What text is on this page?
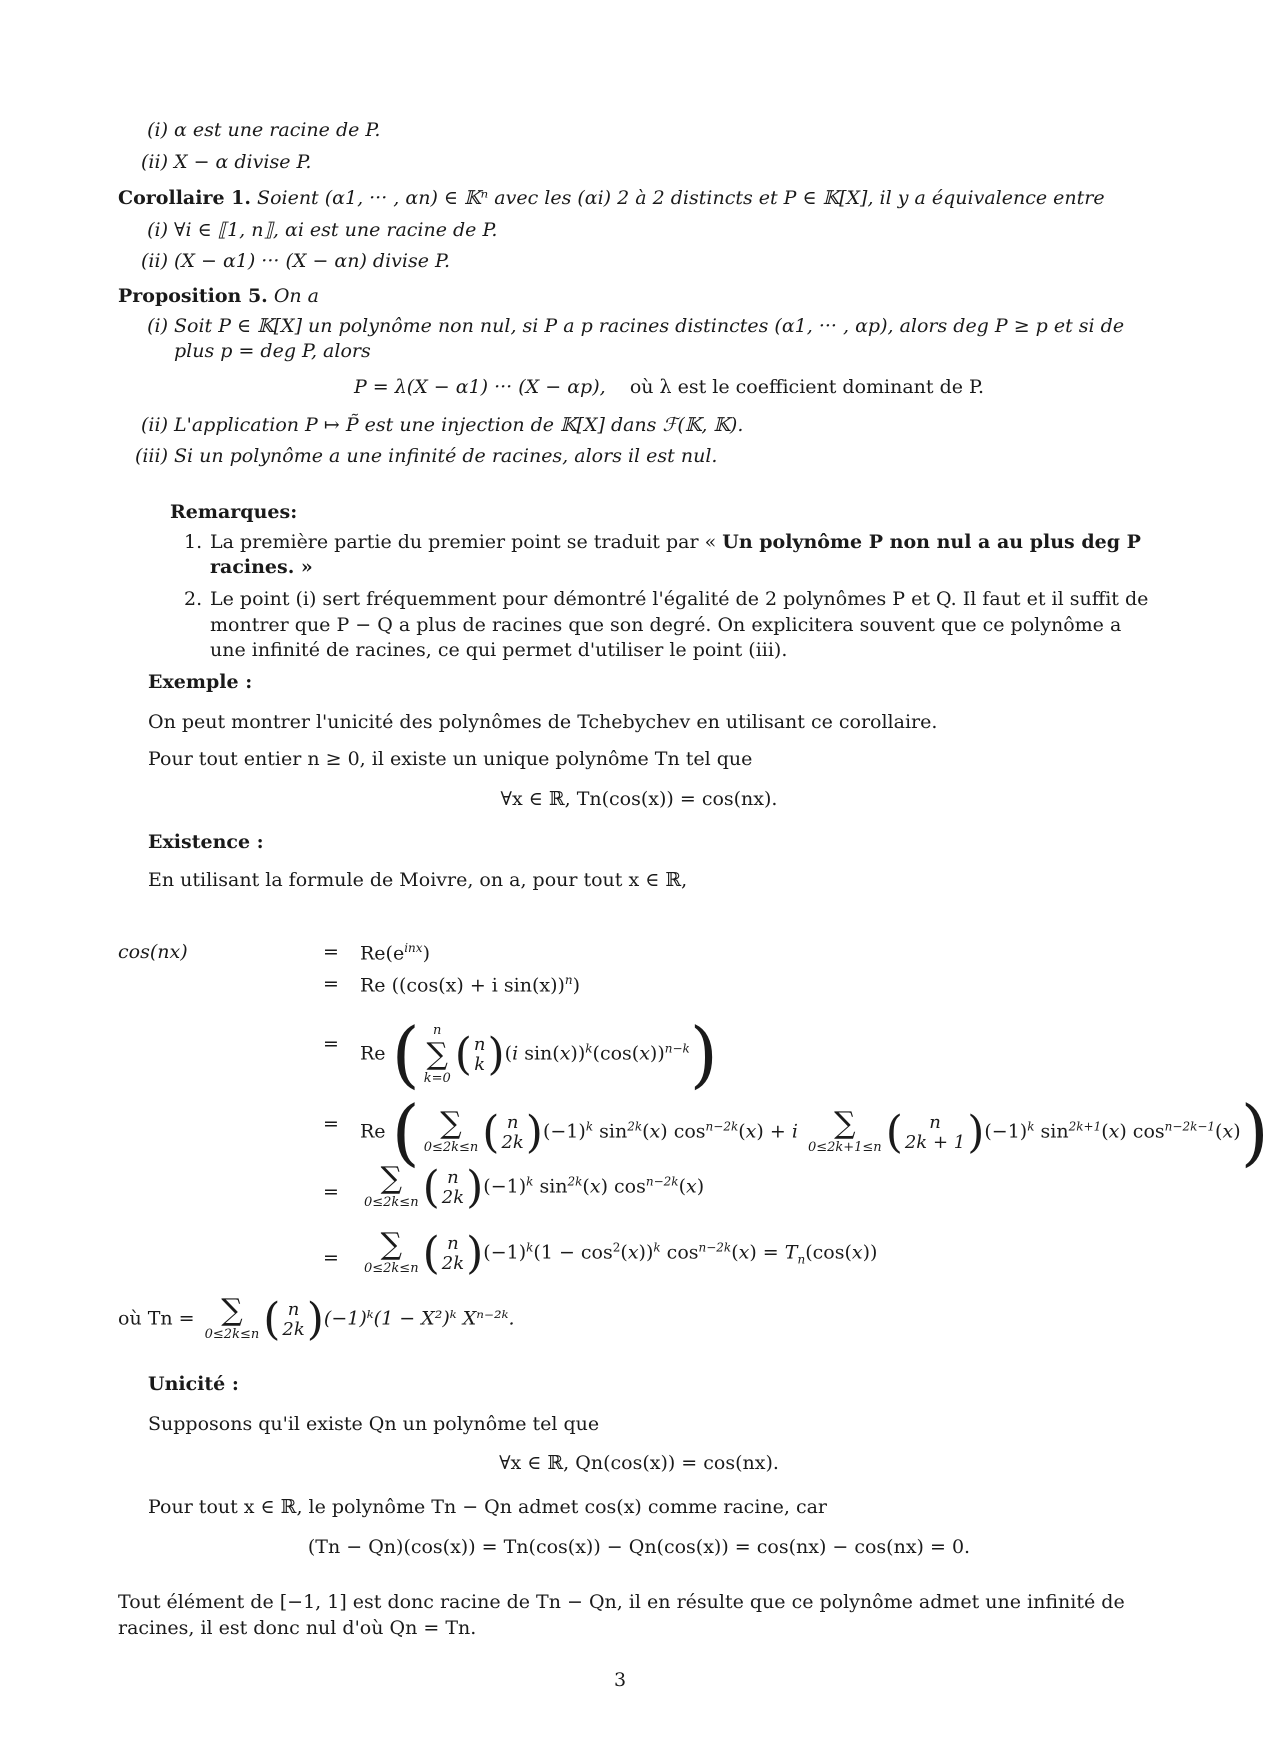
(i) α est une racine de P.
(ii) X − α divise P.
Corollaire 1. Soient (α1, ··· , αn) ∈ 𝕂ⁿ avec les (αi) 2 à 2 distincts et P ∈ 𝕂[X], il y a équivalence entre
(i) ∀i ∈ ⟦1, n⟧, αi est une racine de P.
(ii) (X − α1) ··· (X − αn) divise P.
Proposition 5. On a
(i) Soit P ∈ 𝕂[X] un polynôme non nul, si P a p racines distinctes (α1, ··· , αp), alors deg P ≥ p et si de plus p = deg P, alors
P = λ(X − α1) ··· (X − αp), où λ est le coefficient dominant de P.
(ii) L'application P ↦ P̃ est une injection de 𝕂[X] dans ℱ(𝕂, 𝕂).
(iii) Si un polynôme a une infinité de racines, alors il est nul.
Remarques:
1. La première partie du premier point se traduit par « Un polynôme P non nul a au plus deg P racines. »
2. Le point (i) sert fréquemment pour démontré l'égalité de 2 polynômes P et Q. Il faut et il suffit de montrer que P − Q a plus de racines que son degré. On explicitera souvent que ce polynôme a une infinité de racines, ce qui permet d'utiliser le point (iii).
Exemple :
On peut montrer l'unicité des polynômes de Tchebychev en utilisant ce corollaire.
Pour tout entier n ≥ 0, il existe un unique polynôme Tn tel que
∀x ∈ ℝ, Tn(cos(x)) = cos(nx).
Existence :
En utilisant la formule de Moivre, on a, pour tout x ∈ ℝ,
cos(nx)	= $Re(e^{inx})$
= Re ((cos(x) + i sin(x))$^n$)
= Re ( n
∑
k=0 ( n
k )(i $\sin(x))^k(\cos(x))^{n-k}$)
= Re ( ∑
0≤2k≤n ( n
2k )$(-1)^k$ $\sin^{2k}(x) \cos^{n-2k}(x) + i$ ∑
0≤2k+1≤n ( n
2k + 1 )$(-1)^k$ $\sin^{2k+1}(x)$ $\cos^{n-2k-1}(x)$)
= ∑
0≤2k≤n ( n
2k )$(-1)^k$ $\sin^{2k}(x)$ $\cos^{n-2k}(x)$
= ∑
0≤2k≤n ( n
2k )$(-1)^k(1 - \cos^2(x))^k$ $\cos^{n-2k}(x) = T_n(\cos(x))$
où Tn = ∑
0≤2k≤n ( n
2k )(−1)ᵏ(1 − X²)ᵏ Xⁿ⁻²ᵏ.
Unicité :
Supposons qu'il existe Qn un polynôme tel que
∀x ∈ ℝ, Qn(cos(x)) = cos(nx).
Pour tout x ∈ ℝ, le polynôme Tn − Qn admet cos(x) comme racine, car
(Tn − Qn)(cos(x)) = Tn(cos(x)) − Qn(cos(x)) = cos(nx) − cos(nx) = 0.
Tout élément de [−1, 1] est donc racine de Tn − Qn, il en résulte que ce polynôme admet une infinité de racines, il est donc nul d'où Qn = Tn.
3
